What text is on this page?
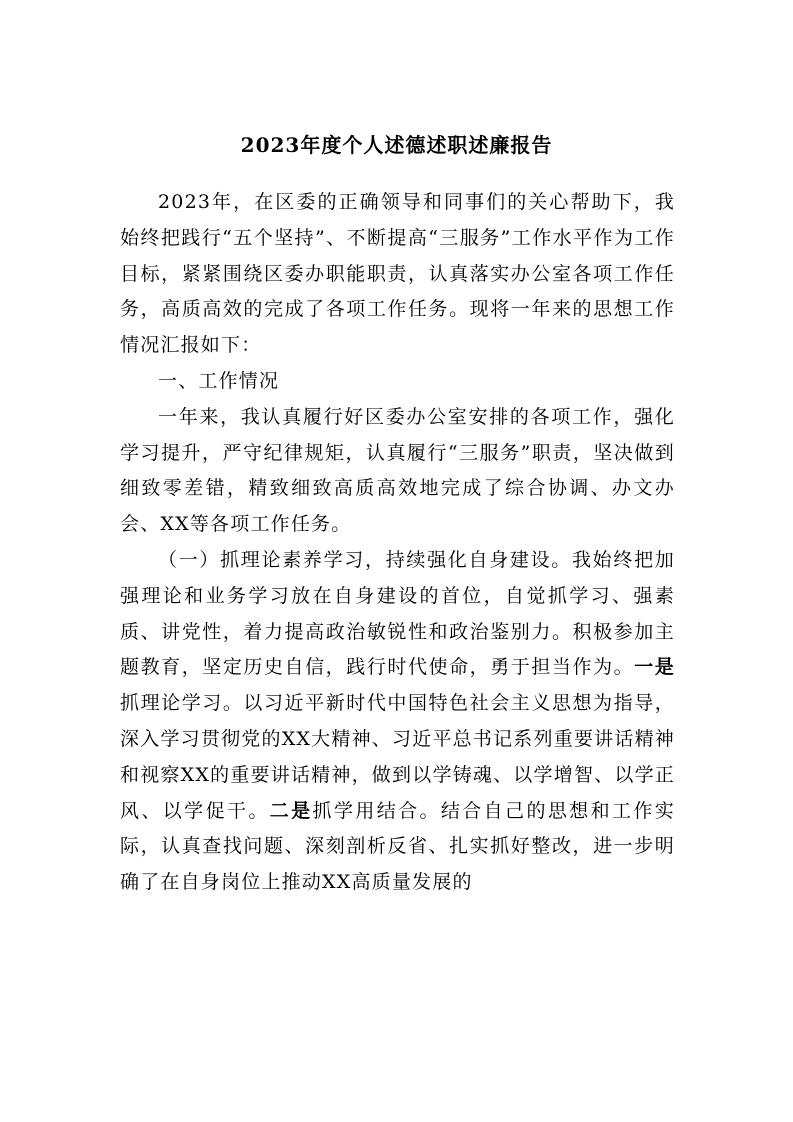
2023年度个人述德述职述廉报告

2023年，在区委的正确领导和同事们的关心帮助下，我始终把践行“五个坚持”、不断提高“三服务”工作水平作为工作目标，紧紧围绕区委办职能职责，认真落实办公室各项工作任务，高质高效的完成了各项工作任务。现将一年来的思想工作情况汇报如下：

一、工作情况

一年来，我认真履行好区委办公室安排的各项工作，强化学习提升，严守纪律规矩，认真履行“三服务”职责，坚决做到细致零差错，精致细致高质高效地完成了综合协调、办文办会、XX等各项工作任务。

（一）抓理论素养学习，持续强化自身建设。我始终把加强理论和业务学习放在自身建设的首位，自觉抓学习、强素质、讲党性，着力提高政治敏锐性和政治鉴别力。积极参加主题教育，坚定历史自信，践行时代使命，勇于担当作为。一是抓理论学习。以习近平新时代中国特色社会主义思想为指导，深入学习贯彻党的XX大精神、习近平总书记系列重要讲话精神和视察XX的重要讲话精神，做到以学铸魂、以学增智、以学正风、以学促干。二是抓学用结合。结合自己的思想和工作实际，认真查找问题、深刻剖析反省、扎实抓好整改，进一步明确了在自身岗位上推动XX高质量发展的
